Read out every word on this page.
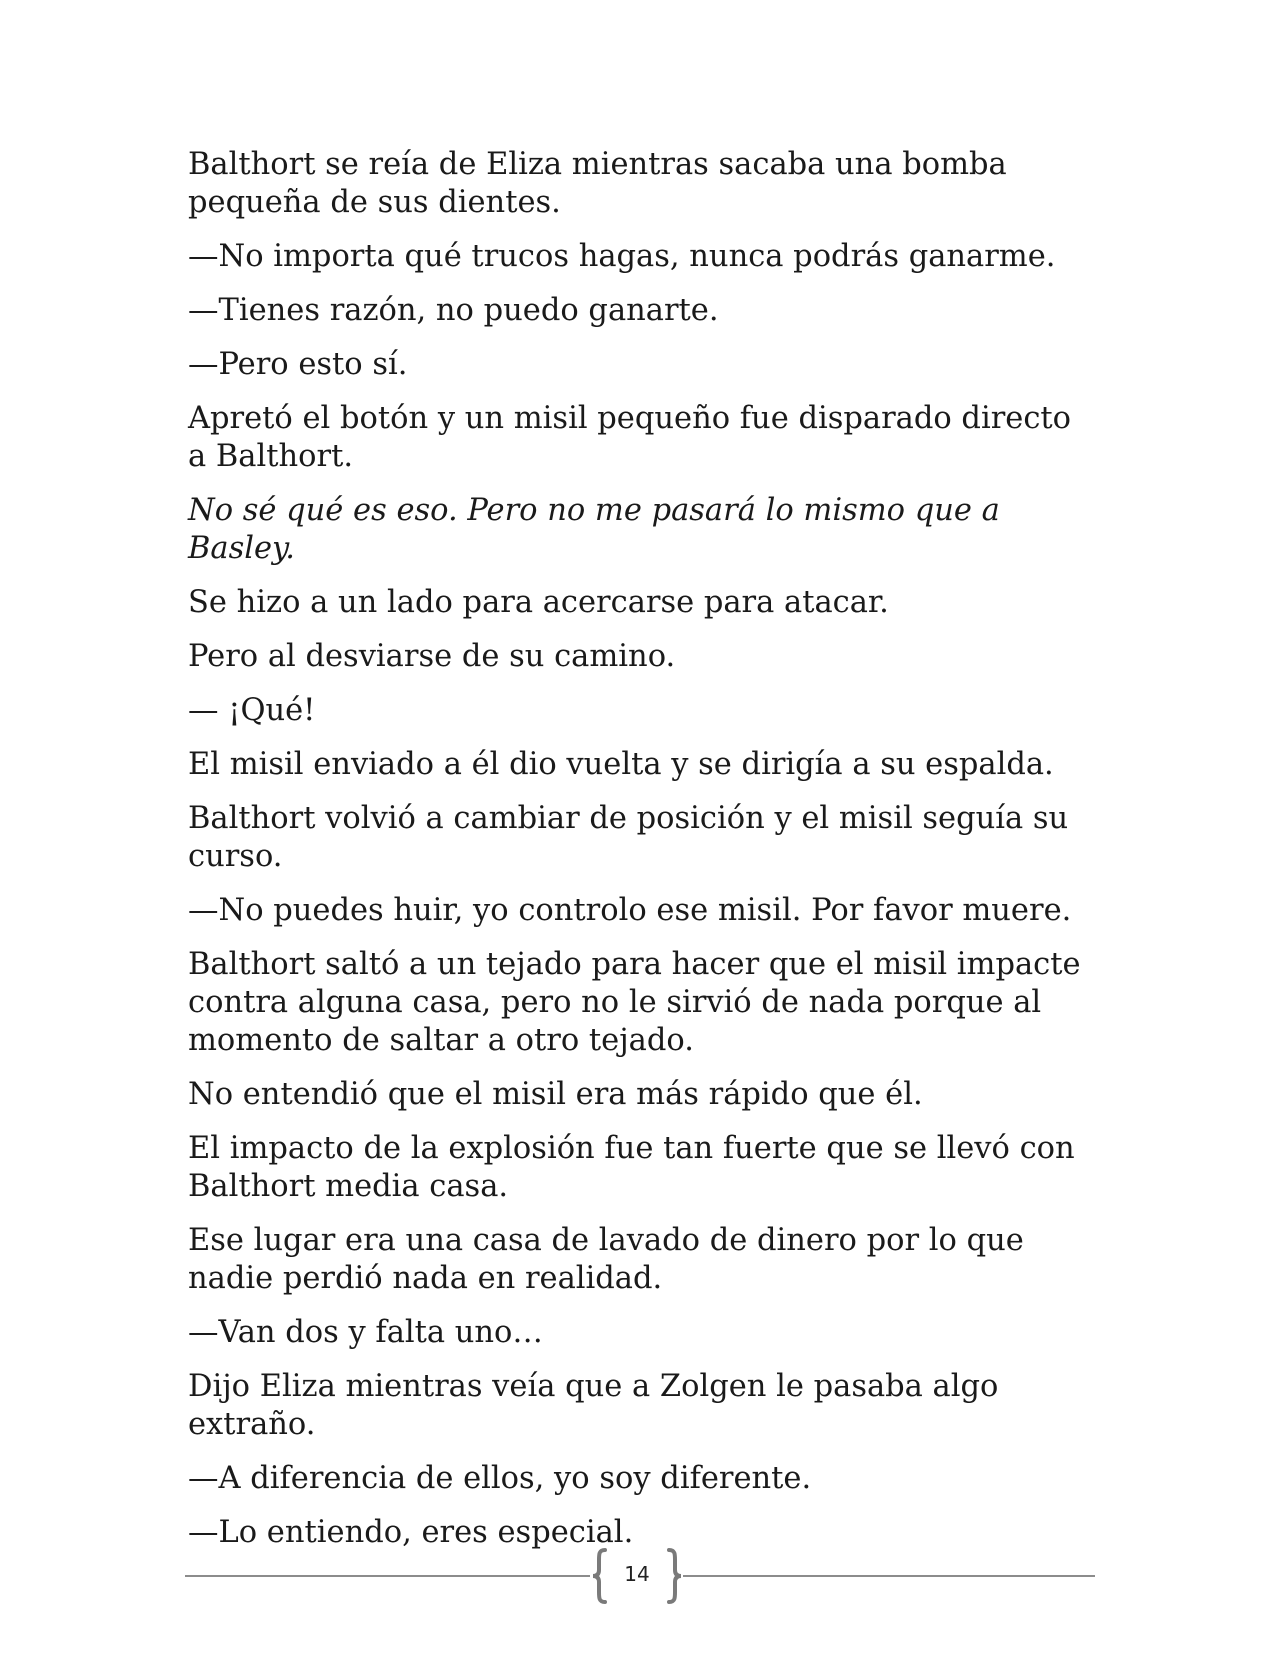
Balthort se reía de Eliza mientras sacaba una bomba pequeña de sus dientes.

—No importa qué trucos hagas, nunca podrás ganarme.

—Tienes razón, no puedo ganarte.

—Pero esto sí.

Apretó el botón y un misil pequeño fue disparado directo a Balthort.

No sé qué es eso. Pero no me pasará lo mismo que a Basley.

Se hizo a un lado para acercarse para atacar.

Pero al desviarse de su camino.

— ¡Qué!

El misil enviado a él dio vuelta y se dirigía a su espalda.

Balthort volvió a cambiar de posición y el misil seguía su curso.

—No puedes huir, yo controlo ese misil. Por favor muere.

Balthort saltó a un tejado para hacer que el misil impacte contra alguna casa, pero no le sirvió de nada porque al momento de saltar a otro tejado.

No entendió que el misil era más rápido que él.

El impacto de la explosión fue tan fuerte que se llevó con Balthort media casa.

Ese lugar era una casa de lavado de dinero por lo que nadie perdió nada en realidad.

—Van dos y falta uno…

Dijo Eliza mientras veía que a Zolgen le pasaba algo extraño.

—A diferencia de ellos, yo soy diferente.

—Lo entiendo, eres especial.

14
